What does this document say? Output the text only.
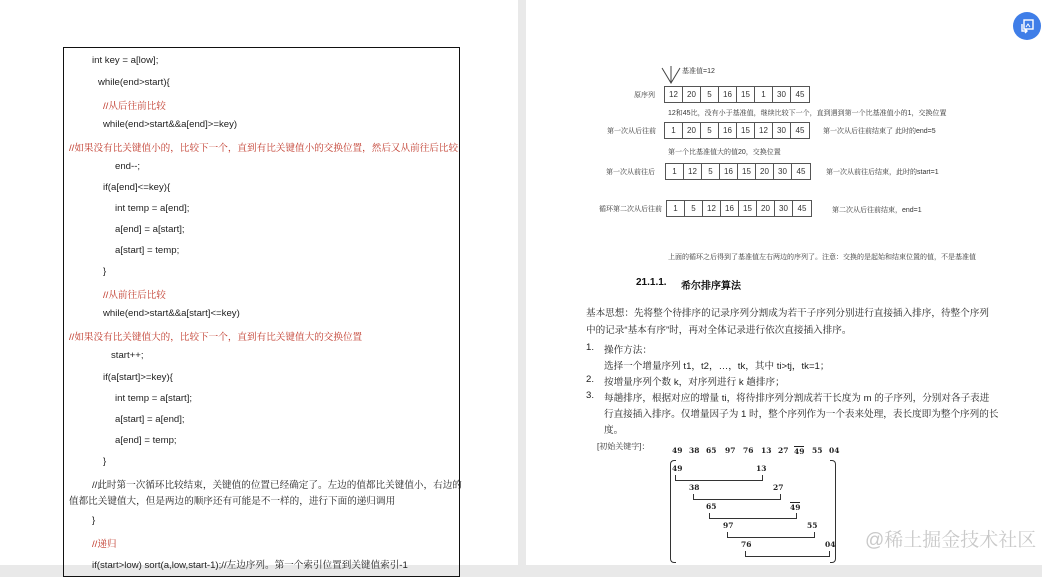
int key = a[low];
while(end>start){
//从后往前比较
while(end>start&&a[end]>=key)
//如果没有比关键值小的，比较下一个，直到有比关键值小的交换位置，然后又从前往后比较
end--;
if(a[end]<=key){
int temp = a[end];
a[end] = a[start];
a[start] = temp;
}
//从前往后比较
while(end>start&&a[start]<=key)
//如果没有比关键值大的，比较下一个，直到有比关键值大的交换位置
start++;
if(a[start]>=key){
int temp = a[start];
a[start] = a[end];
a[end] = temp;
}
//此时第一次循环比较结束，关键值的位置已经确定了。左边的值都比关键值小，右边的
值都比关键值大，但是两边的顺序还有可能是不一样的，进行下面的递归调用
}
//递归
if(start>low) sort(a,low,start-1);//左边序列。第一个索引位置到关键值索引-1
基准值=12
原序列	12	20	5	16	15	1	30	45
12和45比，没有小于基准值，继续比较下一个，直到遇到第一个比基准值小的1，交换位置
第一次从后往前	1	20	5	16	15	12	30	45	第一次从后往前结束了 此时的end=5
第一个比基准值大的值20，交换位置
第一次从前往后	1	12	5	16	15	20	30	45	第一次从前往后结束，此时的start=1
循环第二次从后往前	1	5	12	16	15	20	30	45	第二次从后往前结束，end=1
上面的循环之后得到了基准值左右两边的序列了。注意：交换的是起始和结束位置的值，不是基准值
21.1.1. 希尔排序算法
基本思想：先将整个待排序的记录序列分割成为若干子序列分别进行直接插入排序，待整个序列
中的记录“基本有序”时，再对全体记录进行依次直接插入排序。
1. 操作方法：
选择一个增量序列 t1，t2，…，tk，其中 ti>tj，tk=1；
2. 按增量序列个数 k，对序列进行 k 趟排序；
3. 每趟排序，根据对应的增量 ti，将待排序列分割成若干长度为 m 的子序列，分别对各子表进
行直接插入排序。仅增量因子为 1 时，整个序列作为一个表来处理，表长度即为整个序列的长
度。
[初始关键字]：	49 38 65 97 76 13 27 49 55 04
49	13
38	27
65	49
97	55
76	04 @稀土掘金技术社区
